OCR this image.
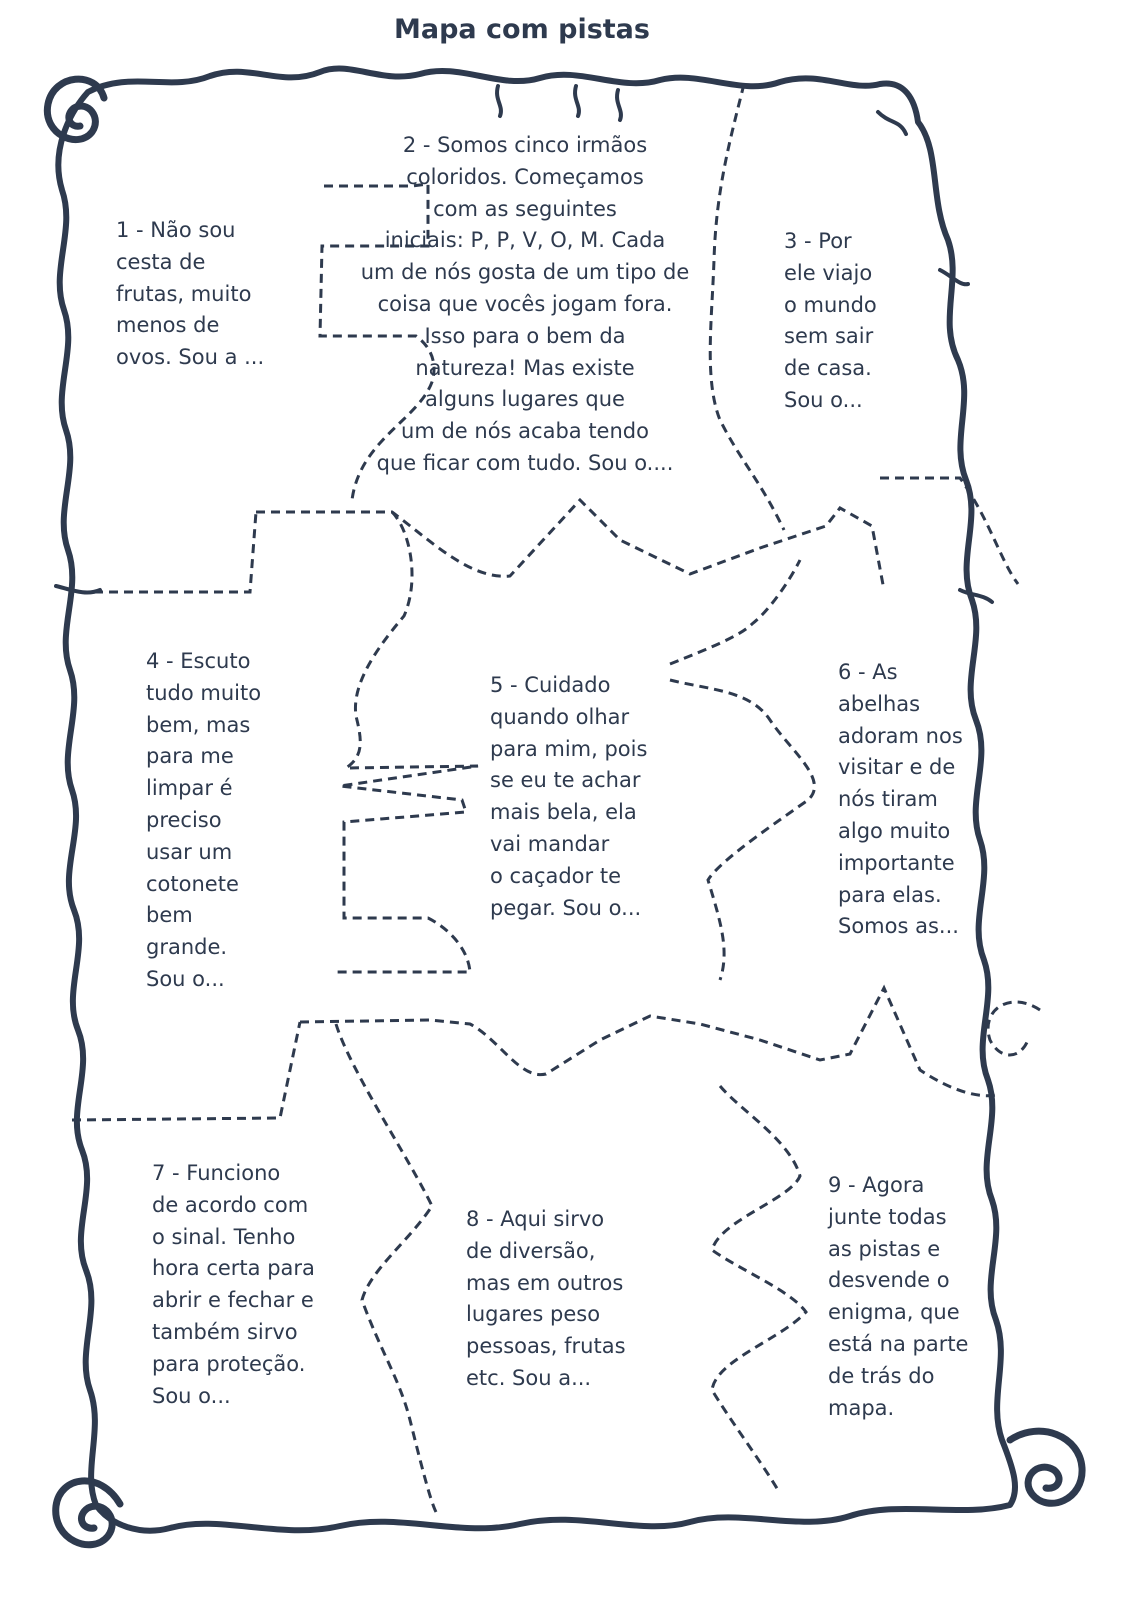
Mapa com pistas
1 - Não sou
cesta de
frutas, muito
menos de
ovos. Sou a ...
2 - Somos cinco irmãos
coloridos. Começamos
com as seguintes
iniciais: P, P, V, O, M. Cada
um de nós gosta de um tipo de
coisa que vocês jogam fora.
Isso para o bem da
natureza! Mas existe
alguns lugares que
um de nós acaba tendo
que ficar com tudo. Sou o....
3 - Por
ele viajo
o mundo
sem sair
de casa.
Sou o...
4 - Escuto
tudo muito
bem, mas
para me
limpar é
preciso
usar um
cotonete
bem
grande.
Sou o...
5 - Cuidado
quando olhar
para mim, pois
se eu te achar
mais bela, ela
vai mandar
o caçador te
pegar. Sou o...
6 - As
abelhas
adoram nos
visitar e de
nós tiram
algo muito
importante
para elas.
Somos as...
7 - Funciono
de acordo com
o sinal. Tenho
hora certa para
abrir e fechar e
também sirvo
para proteção.
Sou o...
8 - Aqui sirvo
de diversão,
mas em outros
lugares peso
pessoas, frutas
etc. Sou a...
9 - Agora
junte todas
as pistas e
desvende o
enigma, que
está na parte
de trás do
mapa.
